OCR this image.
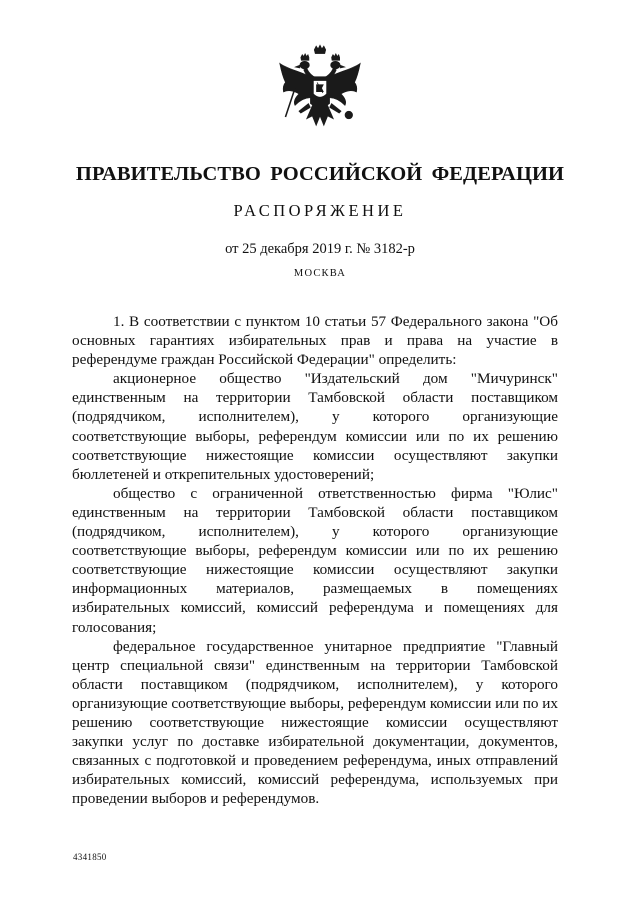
ПРАВИТЕЛЬСТВО РОССИЙСКОЙ ФЕДЕРАЦИИ
РАСПОРЯЖЕНИЕ
от 25 декабря 2019 г. № 3182-р
МОСКВА

1. В соответствии с пунктом 10 статьи 57 Федерального закона "Об основных гарантиях избирательных прав и права на участие в референдуме граждан Российской Федерации" определить:

акционерное общество "Издательский дом "Мичуринск" единственным на территории Тамбовской области поставщиком (подрядчиком, исполнителем), у которого организующие соответствующие выборы, референдум комиссии или по их решению соответствующие нижестоящие комиссии осуществляют закупки бюллетеней и открепительных удостоверений;

общество с ограниченной ответственностью фирма "Юлис" единственным на территории Тамбовской области поставщиком (подрядчиком, исполнителем), у которого организующие соответствующие выборы, референдум комиссии или по их решению соответствующие нижестоящие комиссии осуществляют закупки информационных материалов, размещаемых в помещениях избирательных комиссий, комиссий референдума и помещениях для голосования;

федеральное государственное унитарное предприятие "Главный центр специальной связи" единственным на территории Тамбовской области поставщиком (подрядчиком, исполнителем), у которого организующие соответствующие выборы, референдум комиссии или по их решению соответствующие нижестоящие комиссии осуществляют закупки услуг по доставке избирательной документации, документов, связанных с подготовкой и проведением референдума, иных отправлений избирательных комиссий, комиссий референдума, используемых при проведении выборов и референдумов.

4341850
